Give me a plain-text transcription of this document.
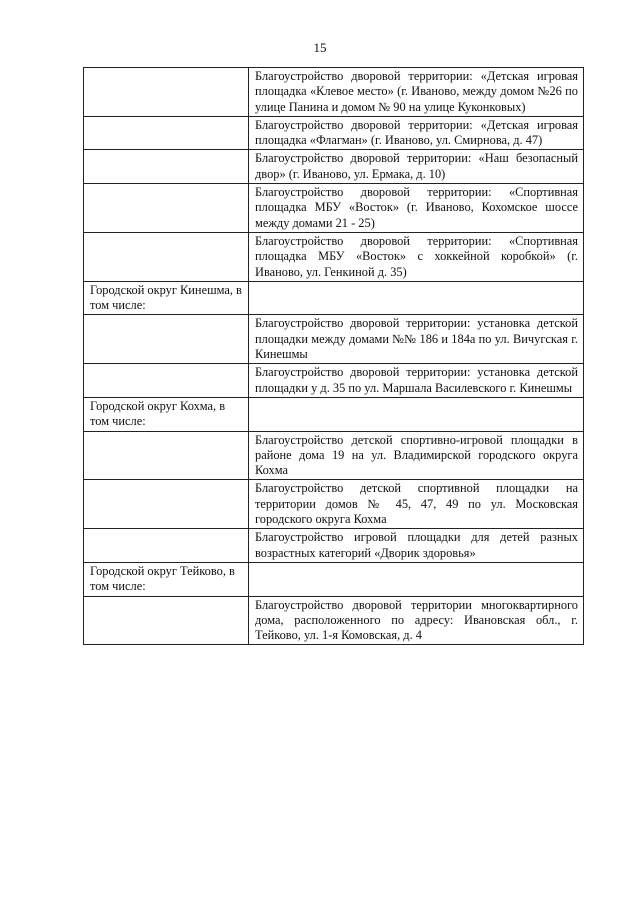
15
	Благоустройство дворовой территории: «Детская игровая площадка «Клевое место» (г. Иваново, между домом №26 по улице Панина и домом № 90 на улице Куконковых)
	Благоустройство дворовой территории: «Детская игровая площадка «Флагман» (г. Иваново, ул. Смирнова, д. 47)
	Благоустройство дворовой территории: «Наш безопасный двор» (г. Иваново, ул. Ермака, д. 10)
	Благоустройство дворовой территории: «Спортивная площадка МБУ «Восток» (г. Иваново, Кохомское шоссе между домами 21 - 25)
	Благоустройство дворовой территории: «Спортивная площадка МБУ «Восток» с хоккейной коробкой» (г. Иваново, ул. Генкиной д. 35)
Городской округ Кинешма, в том числе:	
	Благоустройство дворовой территории: установка детской площадки между домами №№ 186 и 184а по ул. Вичугская г. Кинешмы
	Благоустройство дворовой территории: установка детской площадки у д. 35 по ул. Маршала Василевского г. Кинешмы
Городской округ Кохма, в том числе:	
	Благоустройство детской спортивно-игровой площадки в районе дома 19 на ул. Владимирской городского округа Кохма
	Благоустройство детской спортивной площадки на территории домов № 45, 47, 49 по ул. Московская городского округа Кохма
	Благоустройство игровой площадки для детей разных возрастных категорий «Дворик здоровья»
Городской округ Тейково, в том числе:	
	Благоустройство дворовой территории многоквартирного дома, расположенного по адресу: Ивановская обл., г. Тейково, ул. 1-я Комовская, д. 4
